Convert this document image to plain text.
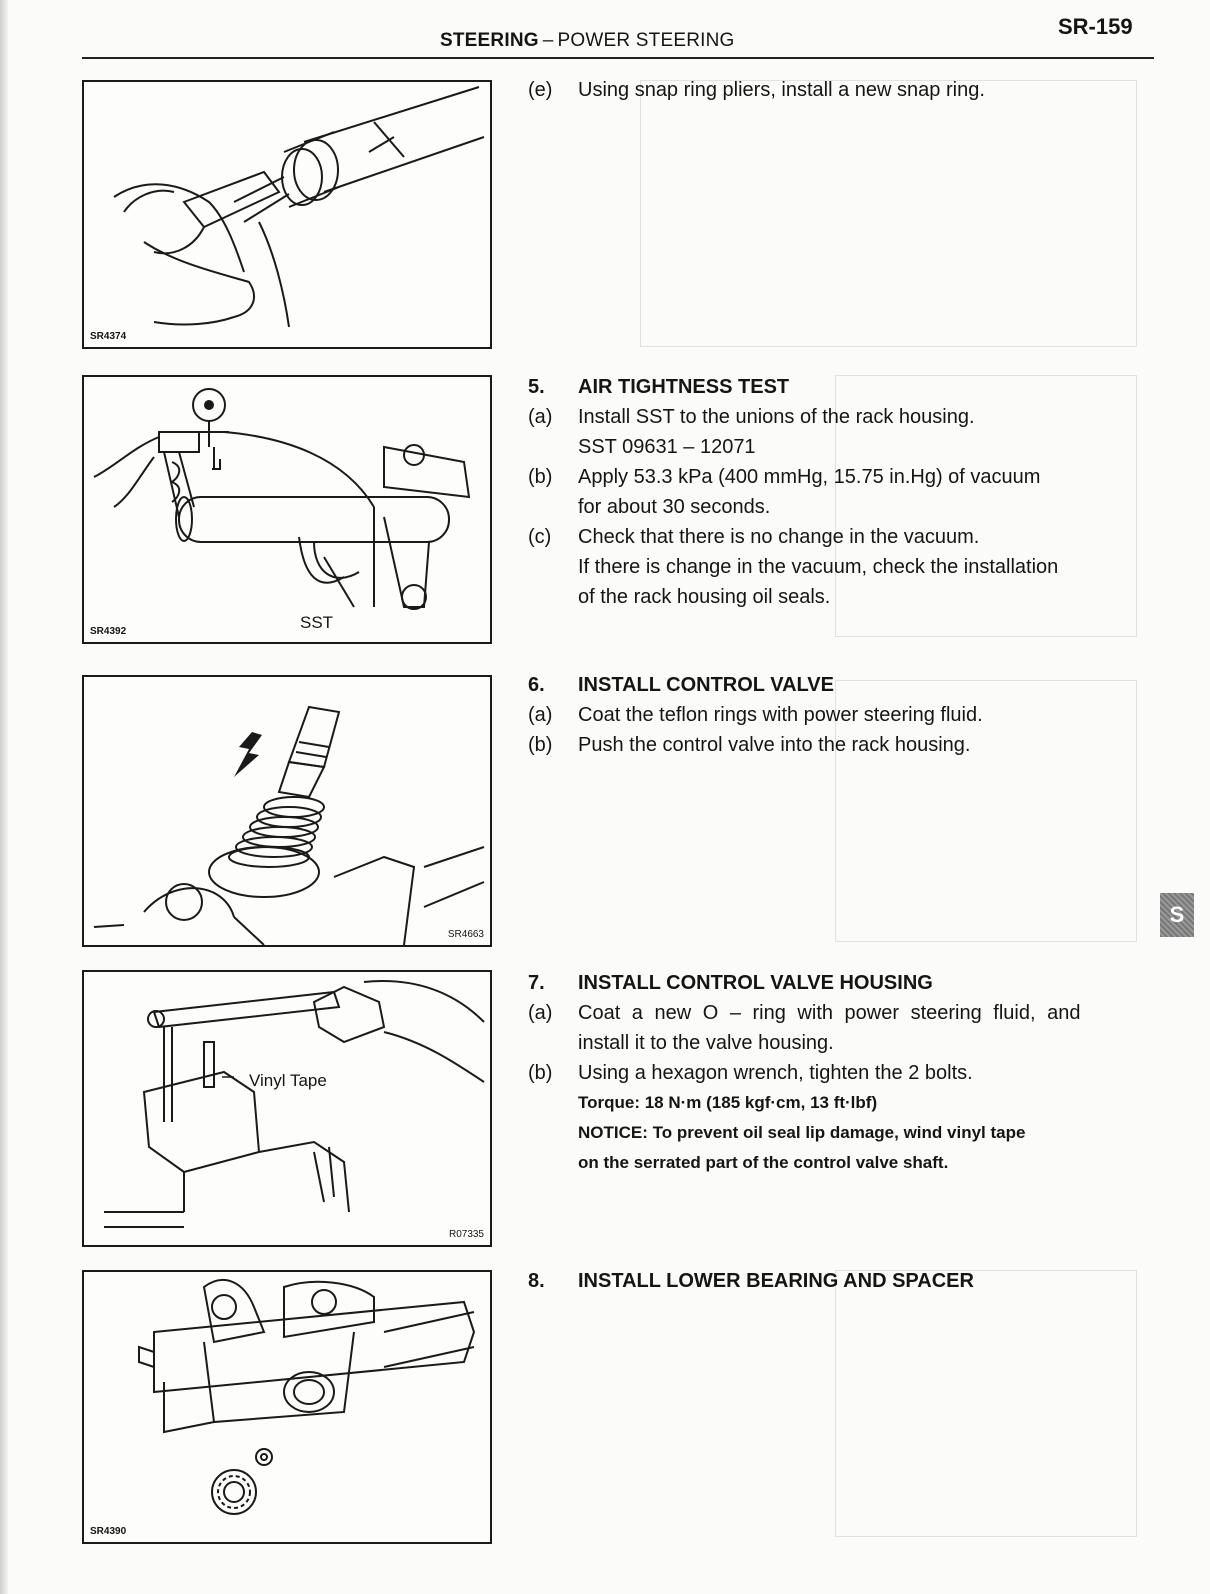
STEERING – POWER STEERING
SR-159
S
SR4374
SR4392	SST
SR4663
Vinyl Tape
R07335
SR4390
(e) Using snap ring pliers, install a new snap ring.
5. AIR TIGHTNESS TEST
(a) Install SST to the unions of the rack housing.
SST 09631 – 12071
(b) Apply 53.3 kPa (400 mmHg, 15.75 in.Hg) of vacuum
for about 30 seconds.
(c) Check that there is no change in the vacuum.
If there is change in the vacuum, check the installation
of the rack housing oil seals.
6. INSTALL CONTROL VALVE
(a) Coat the teflon rings with power steering fluid.
(b) Push the control valve into the rack housing.
7. INSTALL CONTROL VALVE HOUSING
(a) Coat a new O – ring with power steering fluid, and
install it to the valve housing.
(b) Using a hexagon wrench, tighten the 2 bolts.
Torque: 18 N·m (185 kgf·cm, 13 ft·lbf)
NOTICE: To prevent oil seal lip damage, wind vinyl tape
on the serrated part of the control valve shaft.
8. INSTALL LOWER BEARING AND SPACER
